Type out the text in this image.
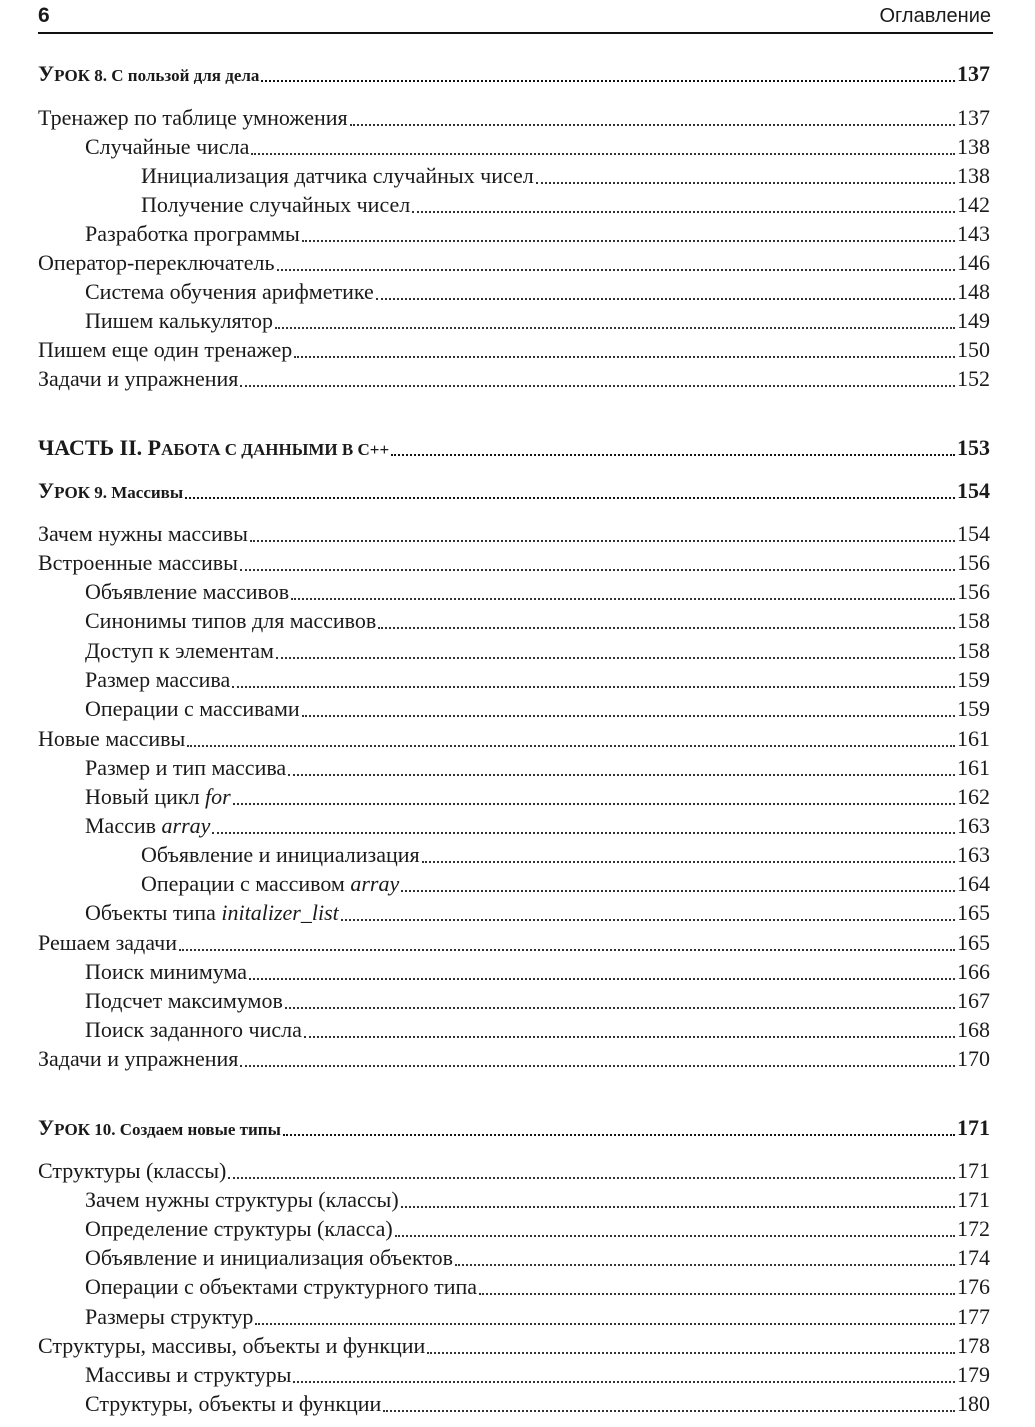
6	Оглавление
УРОК 8. С пользой для дела	137
Тренажер по таблице умножения	137
Случайные числа	138
Инициализация датчика случайных чисел	138
Получение случайных чисел	142
Разработка программы	143
Оператор-переключатель	146
Система обучения арифметике	148
Пишем калькулятор	149
Пишем еще один тренажер	150
Задачи и упражнения	152
ЧАСТЬ II. РАБОТА С ДАННЫМИ В C++	153
УРОК 9. Массивы	154
Зачем нужны массивы	154
Встроенные массивы	156
Объявление массивов	156
Синонимы типов для массивов	158
Доступ к элементам	158
Размер массива	159
Операции с массивами	159
Новые массивы	161
Размер и тип массива	161
Новый цикл for	162
Массив array	163
Объявление и инициализация	163
Операции с массивом array	164
Объекты типа initalizer_list	165
Решаем задачи	165
Поиск минимума	166
Подсчет максимумов	167
Поиск заданного числа	168
Задачи и упражнения	170
УРОК 10. Создаем новые типы	171
Структуры (классы)	171
Зачем нужны структуры (классы)	171
Определение структуры (класса)	172
Объявление и инициализация объектов	174
Операции с объектами структурного типа	176
Размеры структур	177
Структуры, массивы, объекты и функции	178
Массивы и структуры	179
Структуры, объекты и функции	180
